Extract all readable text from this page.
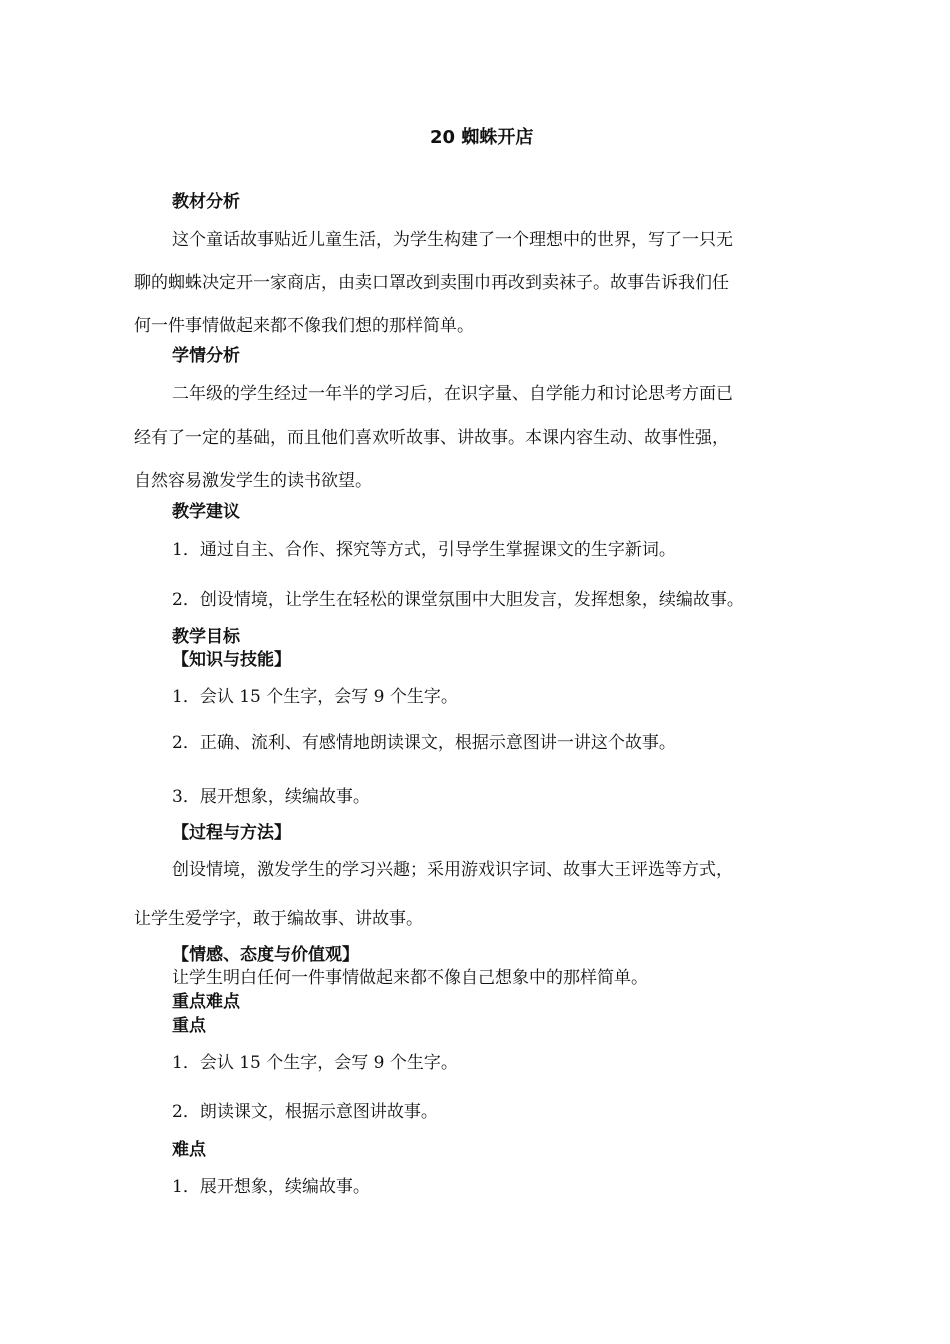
20 蜘蛛开店
教材分析
这个童话故事贴近儿童生活，为学生构建了一个理想中的世界，写了一只无
聊的蜘蛛决定开一家商店，由卖口罩改到卖围巾再改到卖袜子。故事告诉我们任
何一件事情做起来都不像我们想的那样简单。
学情分析
二年级的学生经过一年半的学习后，在识字量、自学能力和讨论思考方面已
经有了一定的基础，而且他们喜欢听故事、讲故事。本课内容生动、故事性强，
自然容易激发学生的读书欲望。
教学建议
1．通过自主、合作、探究等方式，引导学生掌握课文的生字新词。
2．创设情境，让学生在轻松的课堂氛围中大胆发言，发挥想象，续编故事。
教学目标
【知识与技能】
1．会认 15 个生字，会写 9 个生字。
2．正确、流利、有感情地朗读课文，根据示意图讲一讲这个故事。
3．展开想象，续编故事。
【过程与方法】
创设情境，激发学生的学习兴趣；采用游戏识字词、故事大王评选等方式，
让学生爱学字，敢于编故事、讲故事。
【情感、态度与价值观】
让学生明白任何一件事情做起来都不像自己想象中的那样简单。
重点难点
重点
1．会认 15 个生字，会写 9 个生字。
2．朗读课文，根据示意图讲故事。
难点
1．展开想象，续编故事。
